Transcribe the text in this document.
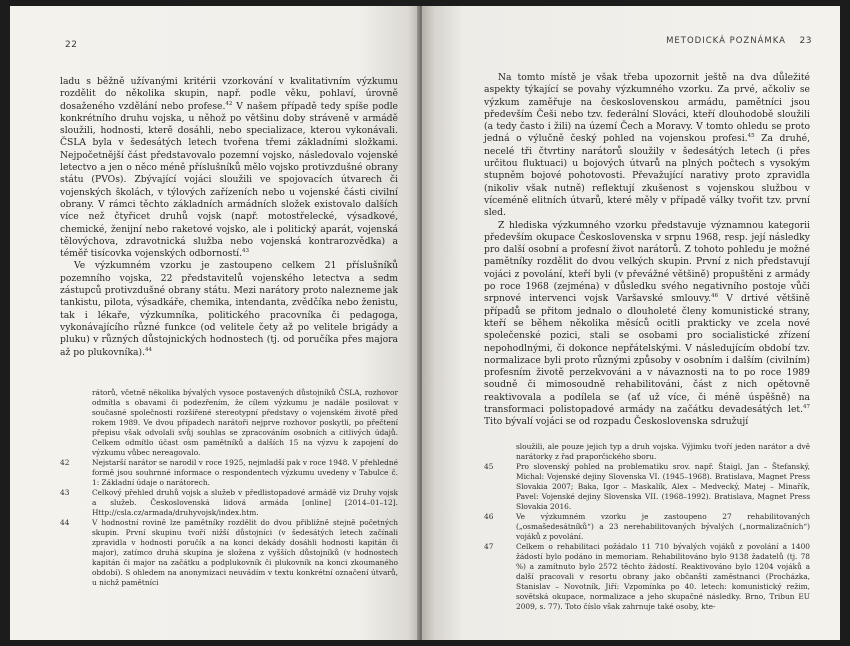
22

ladu s běžně užívanými kritérii vzorkování v kvalitativním výzkumu rozdělit do několika skupin, např. podle věku, pohlaví, úrovně dosaženého vzdělání nebo profese.$^{42}$ V našem případě tedy spíše podle konkrétního druhu vojska, u něhož po většinu doby stráveně v armádě sloužili, hodnosti, kterě dosáhli, nebo specializace, kterou vykonávali. ČSLA byla v šedesátých letech tvořena třemi základními složkami. Nejpočetnější část představovalo pozemní vojsko, následovalo vojenské letectvo a jen o něco méně příslušníků mělo vojsko protivzdušné obrany státu (PVOs). Zbývající vojáci sloužili ve spojovacích útvarech či vojenských školách, v týlových zařízeních nebo u vojenské části civilní obrany. V rámci těchto základních armádních složek existovalo dalších více než čtyřicet druhů vojsk (např. motostřelecké, výsadkové, chemické, ženijní nebo raketové vojsko, ale i politický aparát, vojenská tělovýchova, zdravotnická služba nebo vojenská kontrarozvědka) a téměř tisícovka vojenských odborností.$^{43}$

Ve výzkumném vzorku je zastoupeno celkem 21 příslušníků pozemního vojska, 22 představitelů vojenského letectva a sedm zástupců protivzdušné obrany státu. Mezi narátory proto nalezneme jak tankistu, pilota, výsadkáře, chemika, intendanta, zvědčíka nebo ženistu, tak i lékaře, výzkumníka, politického pracovníka či pedagoga, vykonávajícího různé funkce (od velitele čety až po velitele brigády a pluku) v různých důstojnických hodnostech (tj. od poručíka přes majora až po plukovníka).$^{44}$

rátorů, včetně několika bývalých vysoce postavených důstojníků ČSLA, rozhovor odmítla s obavami či podezřením, že cílem výzkumu je nadále posilovat v současné společnosti rozšířené stereotypní představy o vojenském životě před rokem 1989. Ve dvou případech narátoři nejprve rozhovor poskytli, po přečtení přepisu však odvolali svůj souhlas se zpracováním osobních a citlivých údajů. Celkem odmítlo účast osm pamětníků a dalších 15 na výzvu k zapojení do výzkumu vůbec nereagovalo.
42	Nejstarší narátor se narodil v roce 1925, nejmladší pak v roce 1948. V přehledné formě jsou souhrnné informace o respondentech výzkumu uvedeny v Tabulce č. 1: Základní údaje o narátorech.
43	Celkový přehled druhů vojsk a služeb v předlistopadové armádě viz Druhy vojsk a služeb. Československá lidová armáda [online] [2014–01–12]. Http://csla.cz/armada/druhyvojsk/index.htm.
44	V hodnostní rovině lze pamětníky rozdělit do dvou přibližně stejně početných skupin. První skupinu tvoří nižší důstojníci (v šedesátých letech začínali zpravidla v hodnosti poručík a na konci dekády dosáhli hodnosti kapitán či major), zatímco druhá skupina je složena z vyšších důstojníků (v hodnostech kapitán či major na začátku a podplukovník či plukovník na konci zkoumaného období). S ohledem na anonymizaci neuvádím v textu konkrétní označení útvarů, u nichž pamětníci
METODICKÁ POZNÁMKA 23

Na tomto místě je však třeba upozornit ještě na dva důležité aspekty týkající se povahy výzkumného vzorku. Za prvé, ačkoliv se výzkum zaměřuje na československou armádu, pamětníci jsou především Češi nebo tzv. federální Slováci, kteří dlouhodobě sloužili (a tedy často i žili) na území Čech a Moravy. V tomto ohledu se proto jedná o výlučně český pohled na vojenskou profesi.$^{45}$ Za druhé, necelé tři čtvrtiny narátorů sloužily v šedesátých letech (i přes určitou fluktuaci) u bojových útvarů na plných počtech s vysokým stupněm bojové pohotovosti. Převažující narativy proto zpravidla (nikoliv však nutně) reflektují zkušenost s vojenskou službou v víceméně elitních útvarů, které měly v případě války tvořit tzv. první sled.

Z hlediska výzkumného vzorku představuje významnou kategorii především okupace Československa v srpnu 1968, resp. její následky pro další osobní a profesní život narátorů. Z tohoto pohledu je možné pamětníky rozdělit do dvou velkých skupin. První z nich představují vojáci z povolání, kteří byli (v převážné většině) propuštěni z armády po roce 1968 (zejména) v důsledku svého negativního postoje vůči srpnové intervenci vojsk Varšavské smlouvy.$^{46}$ V drtivé většině případů se přitom jednalo o dlouholeté členy komunistické strany, kteří se během několika měsíců ocitli prakticky ve zcela nové společenské pozici, stali se osobami pro socialistické zřízení nepohodlnými, či dokonce nepřátelskými. V následujícím období tzv. normalizace byli proto různými způsoby v osobním i dalším (civilním) profesním životě perzekvováni a v návaznosti na to po roce 1989 soudně či mimosoudně rehabilitováni, část z nich opětovně reaktivovala a podílela se (ať už více, či méně úspěšně) na transformaci polistopadové armády na začátku devadesátých let.$^{47}$ Tito bývalí vojáci se od rozpadu Československa sdružují

sloužili, ale pouze jejich typ a druh vojska. Výjimku tvoří jeden narátor a dvě narátorky z řad praporčického sboru.
45	Pro slovenský pohled na problematiku srov. např. Štaigl, Jan – Štefanský, Michal: Vojenské dejiny Slovenska VI. (1945–1968). Bratislava, Magnet Press Slovakia 2007; Baka, Igor – Maskalík, Alex – Medvecký, Matej – Minařík, Pavel: Vojenské dejiny Slovenska VII. (1968–1992). Bratislava, Magnet Press Slovakia 2016.
46	Ve výzkumném vzorku je zastoupeno 27 rehabilitovaných („osmašedesátníků“) a 23 nerehabilitovaných bývalých („normalizačních“) vojáků z povolání.
47	Celkem o rehabilitaci požádalo 11 710 bývalých vojáků z povolání a 1400 žádostí bylo podáno in memoriam. Rehabilitováno bylo 9138 žadatelů (tj. 78 %) a zamítnuto bylo 2572 těchto žádostí. Reaktivováno bylo 1204 vojáků a další pracovali v resortu obrany jako občanští zaměstnanci (Procházka, Stanislav – Novotník, Jiří: Vzpomínka po 40. letech: komunistický režim, sovětská okupace, normalizace a jeho skupačné následky. Brno, Tribun EU 2009, s. 77). Toto číslo však zahrnuje také osoby, kte-
